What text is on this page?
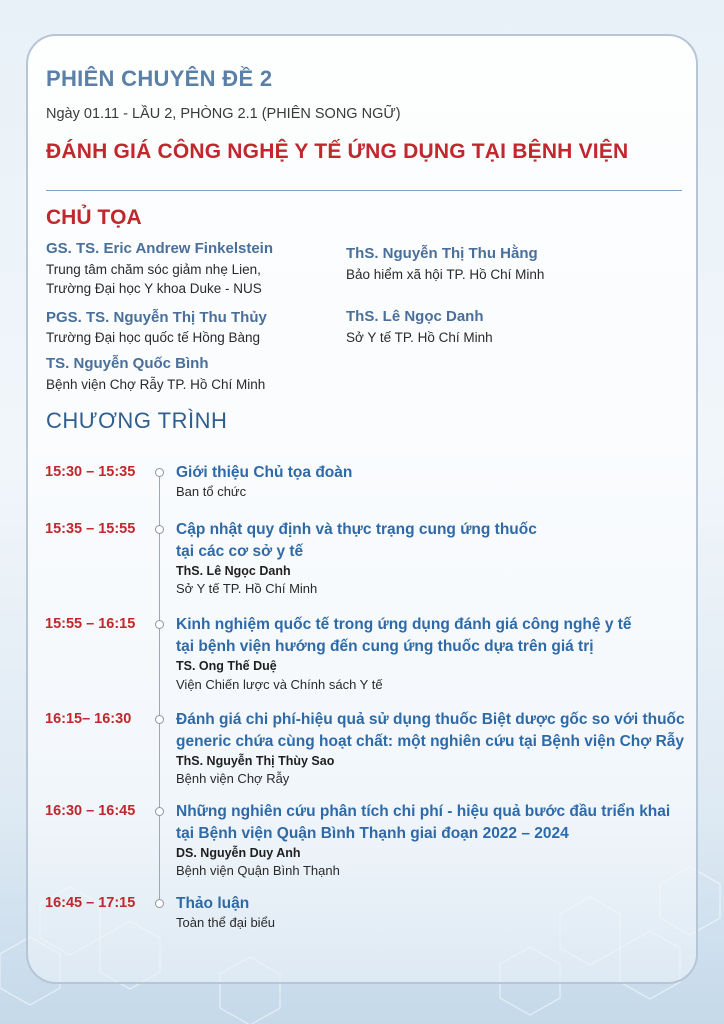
PHIÊN CHUYÊN ĐỀ 2
Ngày 01.11 - LẦU 2, PHÒNG 2.1 (PHIÊN SONG NGỮ)
ĐÁNH GIÁ CÔNG NGHỆ Y TẾ ỨNG DỤNG TẠI BỆNH VIỆN
CHỦ TỌA
GS. TS. Eric Andrew Finkelstein
Trung tâm chăm sóc giảm nhẹ Lien,
Trường Đại học Y khoa Duke - NUS
PGS. TS. Nguyễn Thị Thu Thủy
Trường Đại học quốc tế Hồng Bàng
TS. Nguyễn Quốc Bình
Bệnh viện Chợ Rẫy TP. Hồ Chí Minh
ThS. Nguyễn Thị Thu Hằng
Bảo hiểm xã hội TP. Hồ Chí Minh
ThS. Lê Ngọc Danh
Sở Y tế TP. Hồ Chí Minh
CHƯƠNG TRÌNH
15:30 – 15:35	Giới thiệu Chủ tọa đoàn
Ban tổ chức
15:35 – 15:55	Cập nhật quy định và thực trạng cung ứng thuốc
tại các cơ sở y tế
ThS. Lê Ngọc Danh
Sở Y tế TP. Hồ Chí Minh
15:55 – 16:15	Kinh nghiệm quốc tế trong ứng dụng đánh giá công nghệ y tế
tại bệnh viện hướng đến cung ứng thuốc dựa trên giá trị
TS. Ong Thế Duệ
Viện Chiến lược và Chính sách Y tế
16:15– 16:30	Đánh giá chi phí-hiệu quả sử dụng thuốc Biệt dược gốc so với thuốc
generic chứa cùng hoạt chất: một nghiên cứu tại Bệnh viện Chợ Rẫy
ThS. Nguyễn Thị Thùy Sao
Bệnh viện Chợ Rẫy
16:30 – 16:45	Những nghiên cứu phân tích chi phí - hiệu quả bước đầu triển khai
tại Bệnh viện Quận Bình Thạnh giai đoạn 2022 – 2024
DS. Nguyễn Duy Anh
Bệnh viện Quận Bình Thạnh
16:45 – 17:15	Thảo luận
Toàn thể đại biểu
